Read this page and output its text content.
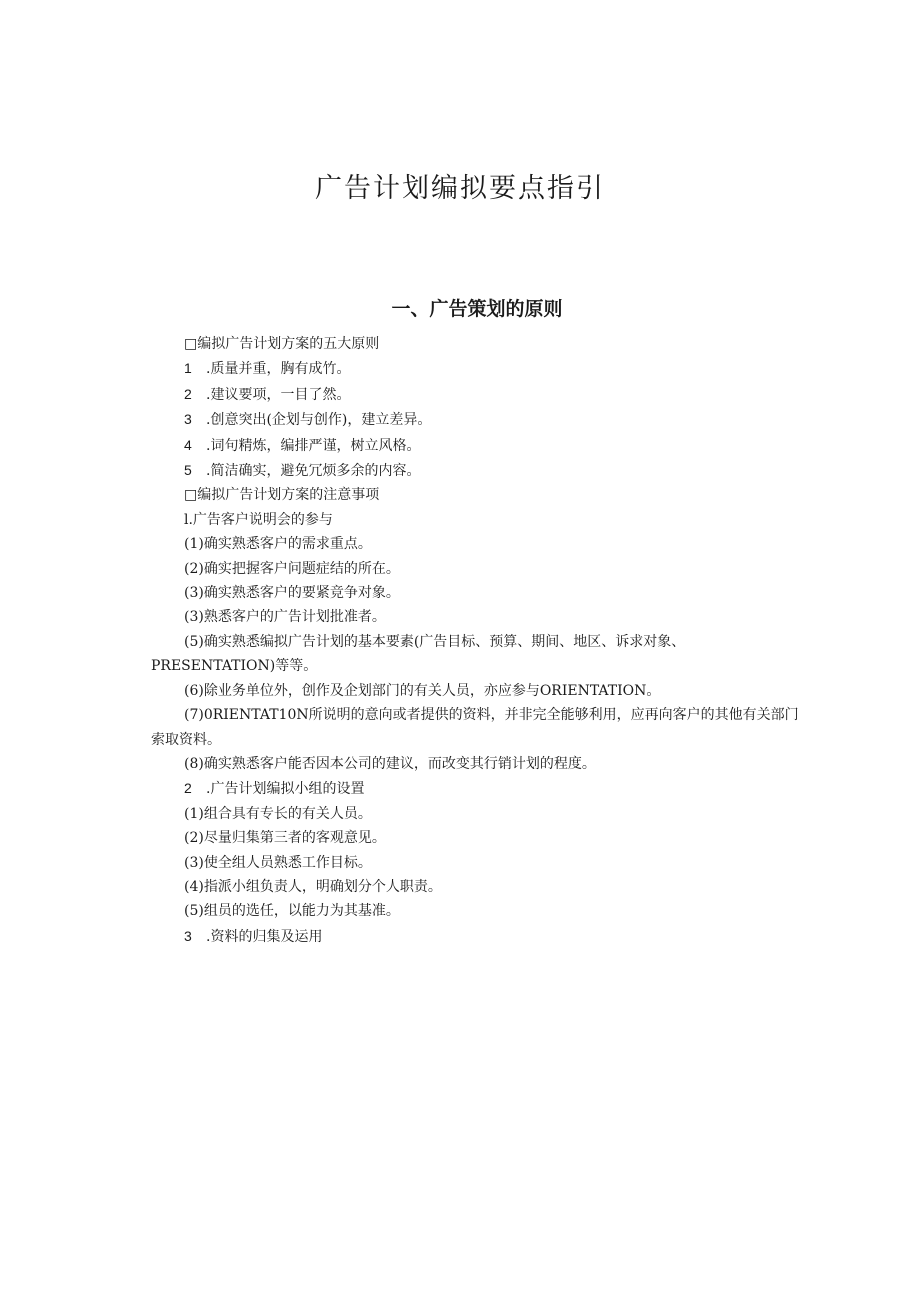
广告计划编拟要点指引
一、广告策划的原则

□编拟广告计划方案的五大原则

1 .质量并重，胸有成竹。

2 .建议要项，一目了然。

3 .创意突出(企划与创作)，建立差异。

4 .词句精炼，编排严谨，树立风格。

5 .简洁确实，避免冗烦多余的内容。

□编拟广告计划方案的注意事项

l.广告客户说明会的参与

(1)确实熟悉客户的需求重点。

(2)确实把握客户问题症结的所在。

(3)确实熟悉客户的要紧竞争对象。

(3)熟悉客户的广告计划批准者。

(5)确实熟悉编拟广告计划的基本要素(广告目标、预算、期间、地区、诉求对象、PRESENTATION)等等。

(6)除业务单位外，创作及企划部门的有关人员，亦应参与ORIENTATION。

(7)0RIENTAT10N所说明的意向或者提供的资料，并非完全能够利用，应再向客户的其他有关部门索取资料。

(8)确实熟悉客户能否因本公司的建议，而改变其行销计划的程度。

2 .广告计划编拟小组的设置

(1)组合具有专长的有关人员。

(2)尽量归集第三者的客观意见。

(3)使全组人员熟悉工作目标。

(4)指派小组负责人，明确划分个人职责。

(5)组员的选任，以能力为其基准。

3 .资料的归集及运用
